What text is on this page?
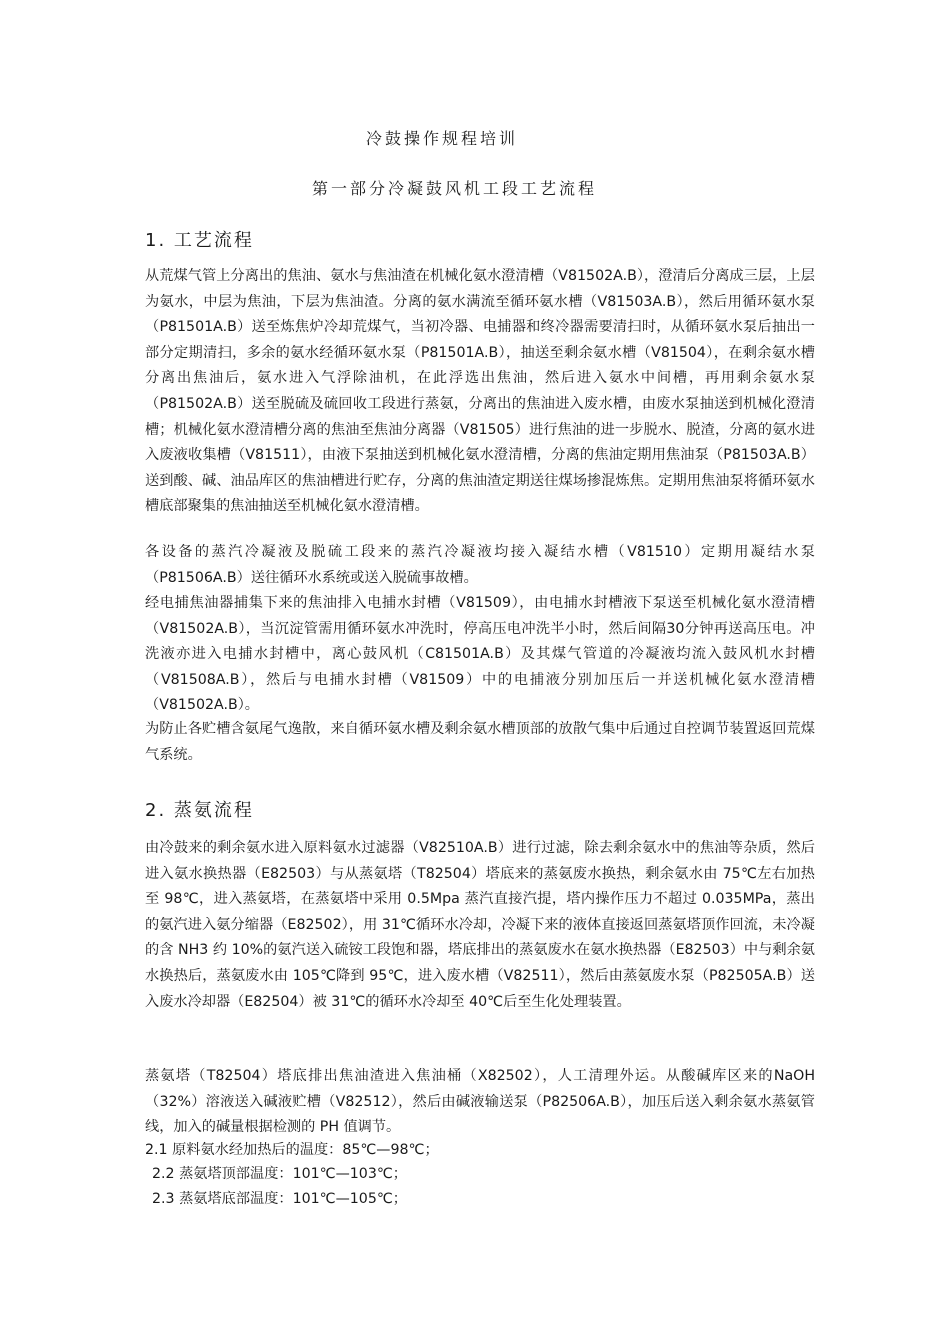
冷鼓操作规程培训
第一部分冷凝鼓风机工段工艺流程
1. 工艺流程

从荒煤气管上分离出的焦油、氨水与焦油渣在机械化氨水澄清槽（V81502A.B），澄清后分离成三层，上层为氨水，中层为焦油，下层为焦油渣。分离的氨水满流至循环氨水槽（V81503A.B），然后用循环氨水泵（P81501A.B）送至炼焦炉冷却荒煤气，当初冷器、电捕器和终冷器需要清扫时，从循环氨水泵后抽出一部分定期清扫，多余的氨水经循环氨水泵（P81501A.B），抽送至剩余氨水槽（V81504），在剩余氨水槽分离出焦油后，氨水进入气浮除油机，在此浮选出焦油，然后进入氨水中间槽，再用剩余氨水泵（P81502A.B）送至脱硫及硫回收工段进行蒸氨，分离出的焦油进入废水槽，由废水泵抽送到机械化澄清槽；机械化氨水澄清槽分离的焦油至焦油分离器（V81505）进行焦油的进一步脱水、脱渣，分离的氨水进入废液收集槽（V81511），由液下泵抽送到机械化氨水澄清槽，分离的焦油定期用焦油泵（P81503A.B）送到酸、碱、油品库区的焦油槽进行贮存，分离的焦油渣定期送往煤场掺混炼焦。定期用焦油泵将循环氨水槽底部聚集的焦油抽送至机械化氨水澄清槽。

各设备的蒸汽冷凝液及脱硫工段来的蒸汽冷凝液均接入凝结水槽（V81510）定期用凝结水泵（P81506A.B）送往循环水系统或送入脱硫事故槽。

经电捕焦油器捕集下来的焦油排入电捕水封槽（V81509），由电捕水封槽液下泵送至机械化氨水澄清槽（V81502A.B），当沉淀管需用循环氨水冲洗时，停高压电冲洗半小时，然后间隔30分钟再送高压电。冲洗液亦进入电捕水封槽中，离心鼓风机（C81501A.B）及其煤气管道的冷凝液均流入鼓风机水封槽（V81508A.B），然后与电捕水封槽（V81509）中的电捕液分别加压后一并送机械化氨水澄清槽（V81502A.B）。

为防止各贮槽含氨尾气逸散，来自循环氨水槽及剩余氨水槽顶部的放散气集中后通过自控调节装置返回荒煤气系统。

2. 蒸氨流程

由冷鼓来的剩余氨水进入原料氨水过滤器（V82510A.B）进行过滤，除去剩余氨水中的焦油等杂质，然后进入氨水换热器（E82503）与从蒸氨塔（T82504）塔底来的蒸氨废水换热，剩余氨水由 75℃左右加热至 98℃，进入蒸氨塔，在蒸氨塔中采用 0.5Mpa 蒸汽直接汽提，塔内操作压力不超过 0.035MPa，蒸出的氨汽进入氨分缩器（E82502），用 31℃循环水冷却，冷凝下来的液体直接返回蒸氨塔顶作回流，未冷凝的含 NH3 约 10%的氨汽送入硫铵工段饱和器，塔底排出的蒸氨废水在氨水换热器（E82503）中与剩余氨水换热后，蒸氨废水由 105℃降到 95℃，进入废水槽（V82511），然后由蒸氨废水泵（P82505A.B）送入废水冷却器（E82504）被 31℃的循环水冷却至 40℃后至生化处理装置。

蒸氨塔（T82504）塔底排出焦油渣进入焦油桶（X82502），人工清理外运。从酸碱库区来的NaOH（32%）溶液送入碱液贮槽（V82512），然后由碱液输送泵（P82506A.B），加压后送入剩余氨水蒸氨管线，加入的碱量根据检测的 PH 值调节。

2.1 原料氨水经加热后的温度：85℃—98℃；
2.2 蒸氨塔顶部温度：101℃—103℃；
2.3 蒸氨塔底部温度：101℃—105℃；
